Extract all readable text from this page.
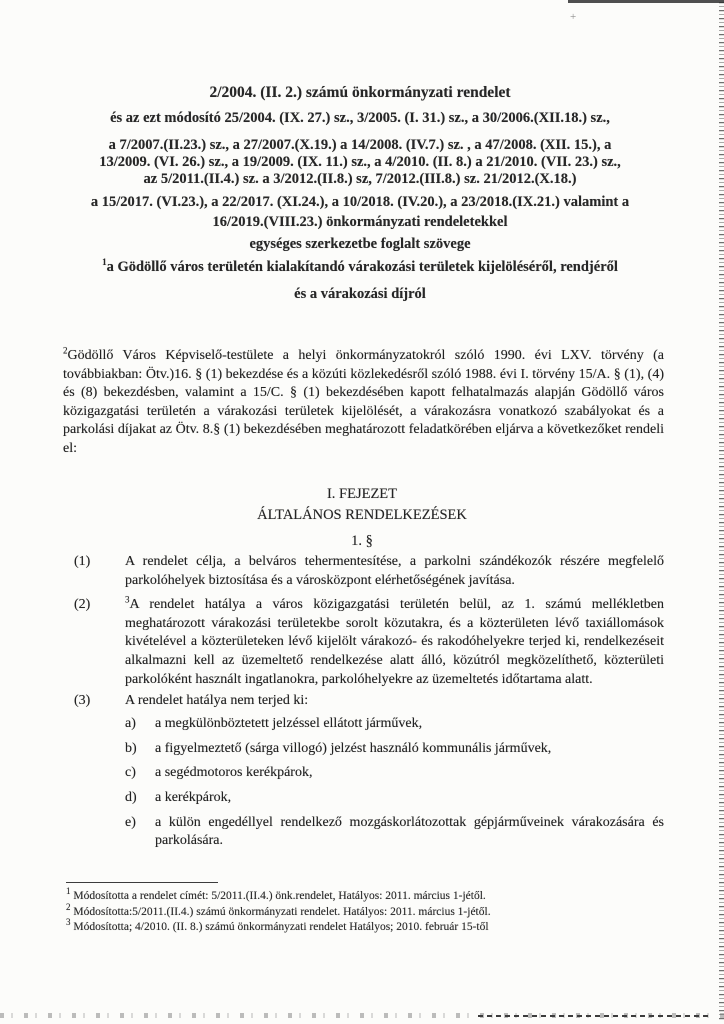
+
2/2004. (II. 2.) számú önkormányzati rendelet
és az ezt módosító 25/2004. (IX. 27.) sz., 3/2005. (I. 31.) sz., a 30/2006.(XII.18.) sz.,
a 7/2007.(II.23.) sz., a 27/2007.(X.19.) a 14/2008. (IV.7.) sz. , a 47/2008. (XII. 15.), a
13/2009. (VI. 26.) sz., a 19/2009. (IX. 11.) sz., a 4/2010. (II. 8.) a 21/2010. (VII. 23.) sz.,
az 5/2011.(II.4.) sz. a 3/2012.(II.8.) sz, 7/2012.(III.8.) sz. 21/2012.(X.18.)
a 15/2017. (VI.23.), a 22/2017. (XI.24.), a 10/2018. (IV.20.), a 23/2018.(IX.21.) valamint a
16/2019.(VIII.23.) önkormányzati rendeletekkel
egységes szerkezetbe foglalt szövege
$^1$a Gödöllő város területén kialakítandó várakozási területek kijelöléséről, rendjéről
és a várakozási díjról
$^2$Gödöllő Város Képviselő-testülete a helyi önkormányzatokról szóló 1990. évi LXV. törvény (a továbbiakban: Ötv.)16. § (1) bekezdése és a közúti közlekedésről szóló 1988. évi I. törvény 15/A. § (1), (4) és (8) bekezdésben, valamint a 15/C. § (1) bekezdésében kapott felhatalmazás alapján Gödöllő város közigazgatási területén a várakozási területek kijelölését, a várakozásra vonatkozó szabályokat és a parkolási díjakat az Ötv. 8.§ (1) bekezdésében meghatározott feladatkörében eljárva a következőket rendeli el:
I. FEJEZET
ÁLTALÁNOS RENDELKEZÉSEK
1. §
(1) A rendelet célja, a belváros tehermentesítése, a parkolni szándékozók részére megfelelő parkolóhelyek biztosítása és a városközpont elérhetőségének javítása.
(2)	$^3$A rendelet hatálya a város közigazgatási területén belül, az 1. számú mellékletben meghatározott várakozási területekbe sorolt közutakra, és a közterületen lévő taxiállomások kivételével a közterületeken lévő kijelölt várakozó- és rakodóhelyekre terjed ki, rendelkezéseit alkalmazni kell az üzemeltető rendelkezése alatt álló, közútról megközelíthető, közterületi parkolóként használt ingatlanokra, parkolóhelyekre az üzemeltetés időtartama alatt.
(3) A rendelet hatálya nem terjed ki:
a) a megkülönböztetett jelzéssel ellátott járművek,
b) a figyelmeztető (sárga villogó) jelzést használó kommunális járművek,
c) a segédmotoros kerékpárok,
d) a kerékpárok,
e) a külön engedéllyel rendelkező mozgáskorlátozottak gépjárműveinek várakozására és parkolására.

$^1$ Módosította a rendelet címét: 5/2011.(II.4.) önk.rendelet, Hatályos: 2011. március 1-jétől.

$^2$ Módosította:5/2011.(II.4.) számú önkormányzati rendelet. Hatályos: 2011. március 1-jétől.

$^3$ Módosította; 4/2010. (II. 8.) számú önkormányzati rendelet Hatályos; 2010. február 15-től
